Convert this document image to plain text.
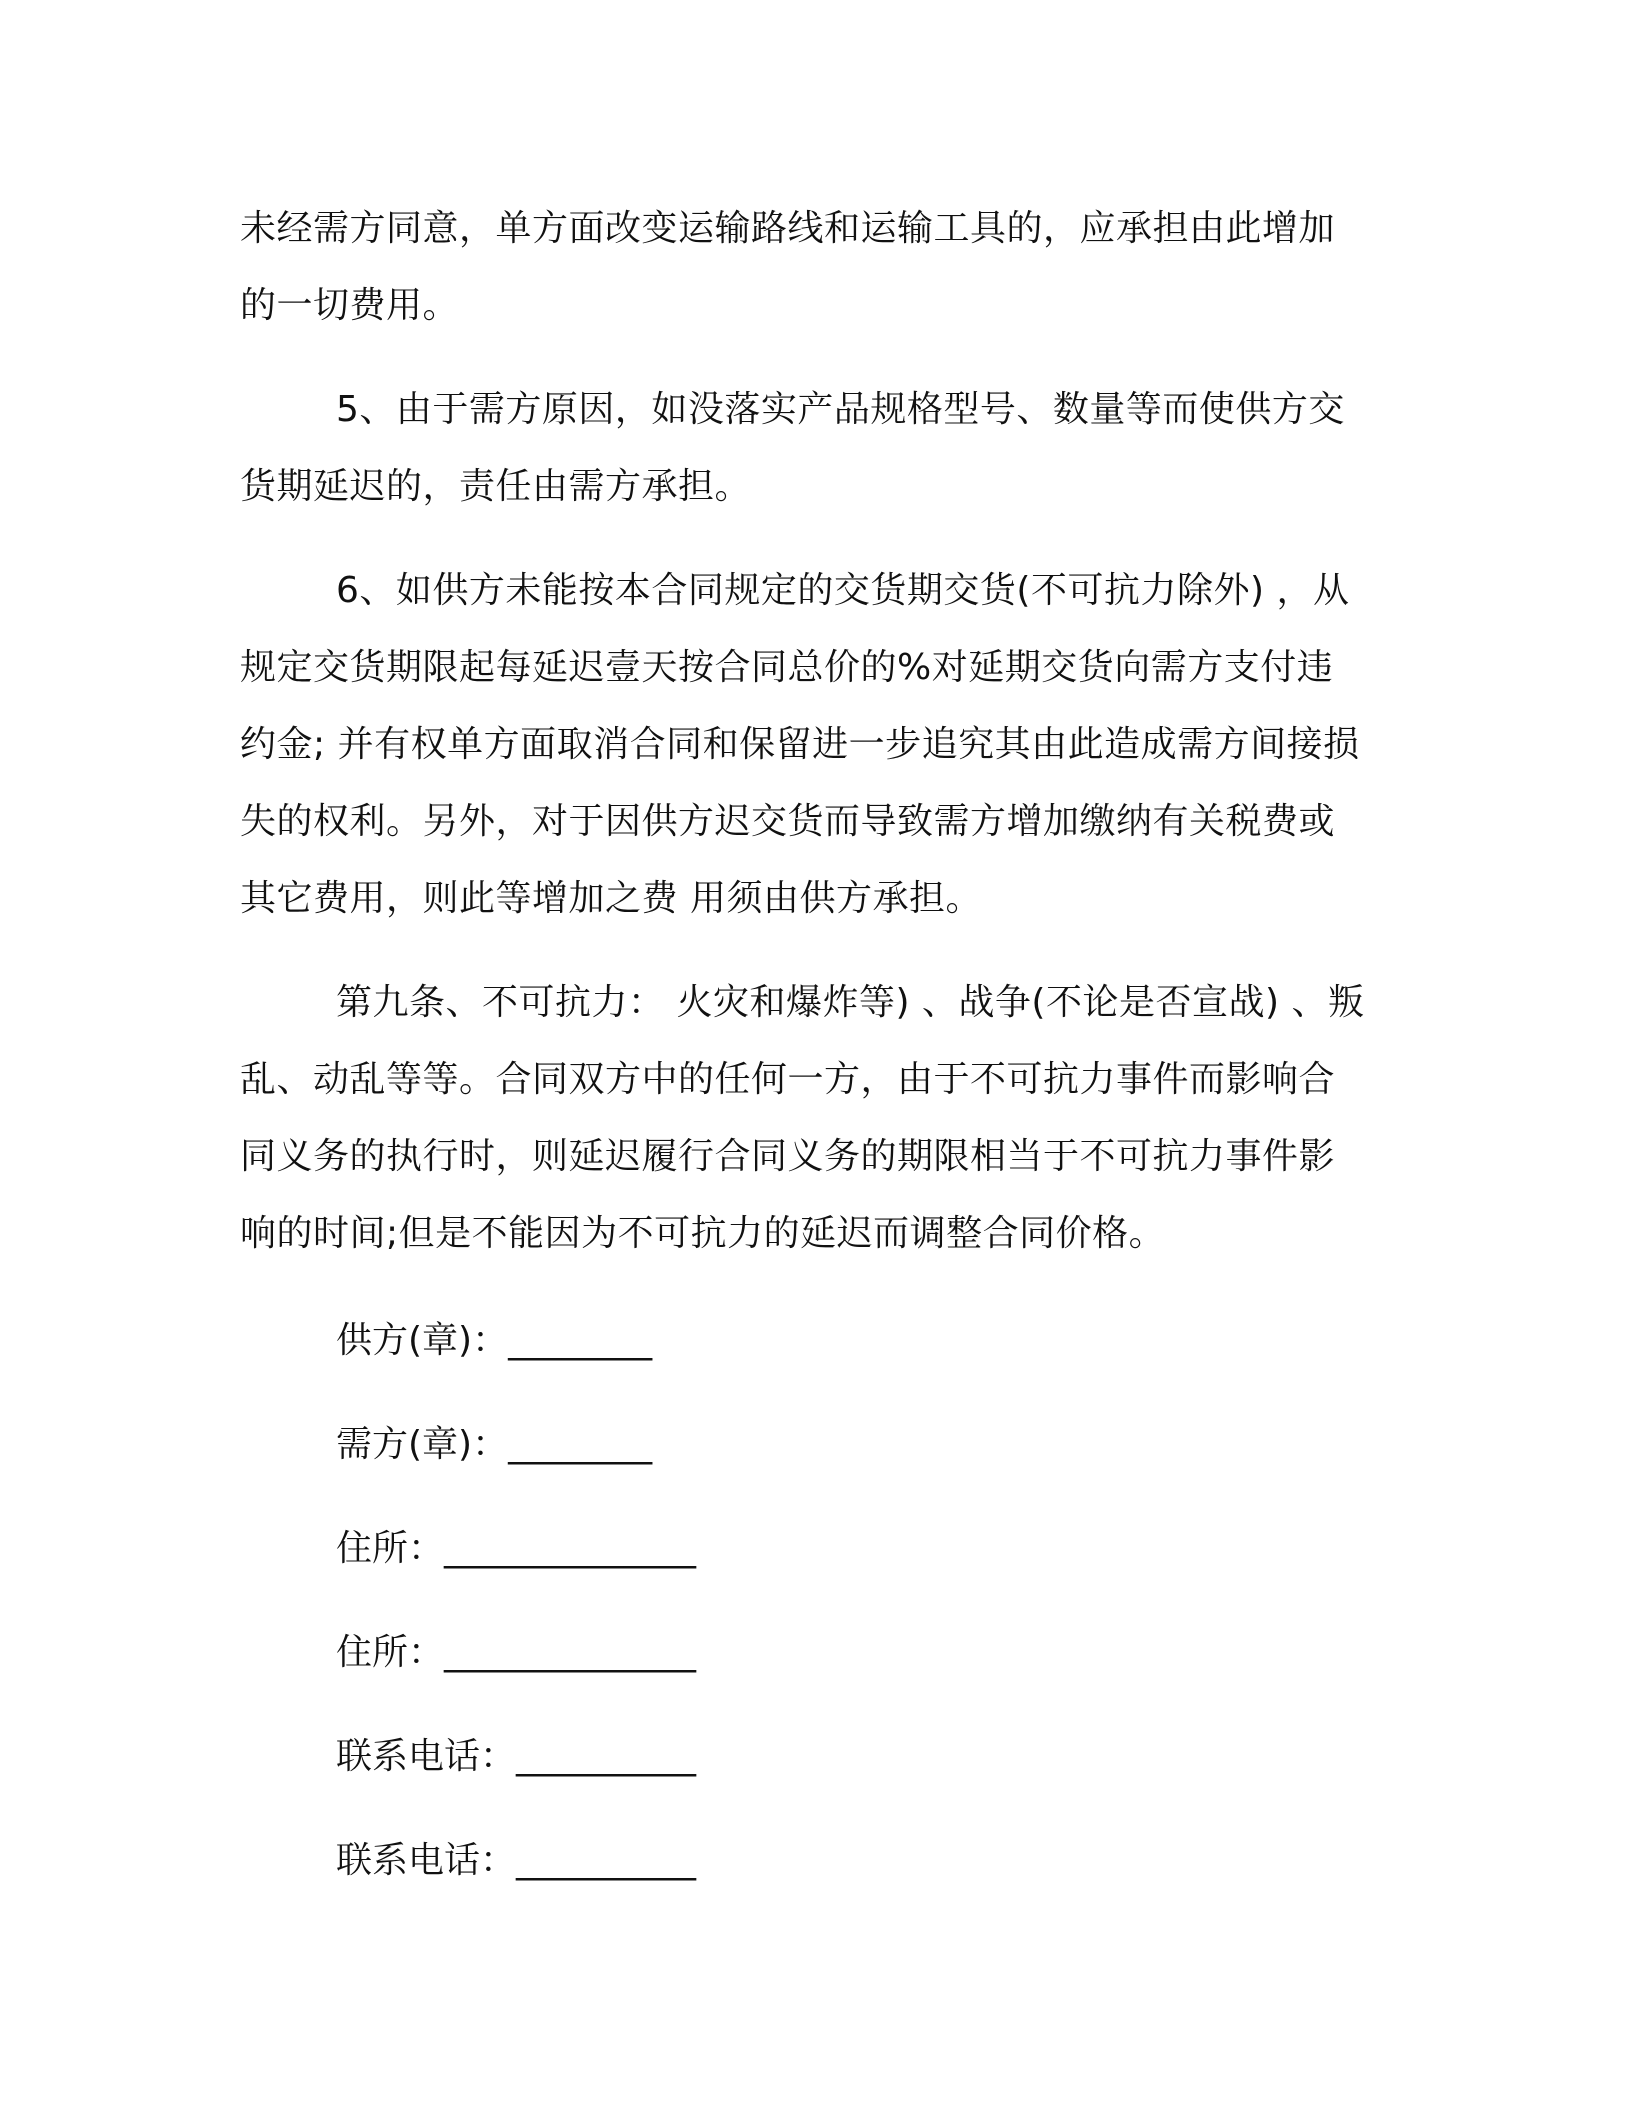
未经需方同意，单方面改变运输路线和运输工具的，应承担由此增加
的一切费用。
5、由于需方原因，如没落实产品规格型号、数量等而使供方交
货期延迟的，责任由需方承担。
6、如供方未能按本合同规定的交货期交货(不可抗力除外) ，从
规定交货期限起每延迟壹天按合同总价的%对延期交货向需方支付违
约金; 并有权单方面取消合同和保留进一步追究其由此造成需方间接损
失的权利。另外，对于因供方迟交货而导致需方增加缴纳有关税费或
其它费用，则此等增加之费 用须由供方承担。
第九条、不可抗力： 火灾和爆炸等) 、战争(不论是否宣战) 、叛
乱、动乱等等。合同双方中的任何一方，由于不可抗力事件而影响合
同义务的执行时，则延迟履行合同义务的期限相当于不可抗力事件影
响的时间;但是不能因为不可抗力的延迟而调整合同价格。
供方(章)：________
需方(章)：________
住所：______________
住所：______________
联系电话：__________
联系电话：__________
